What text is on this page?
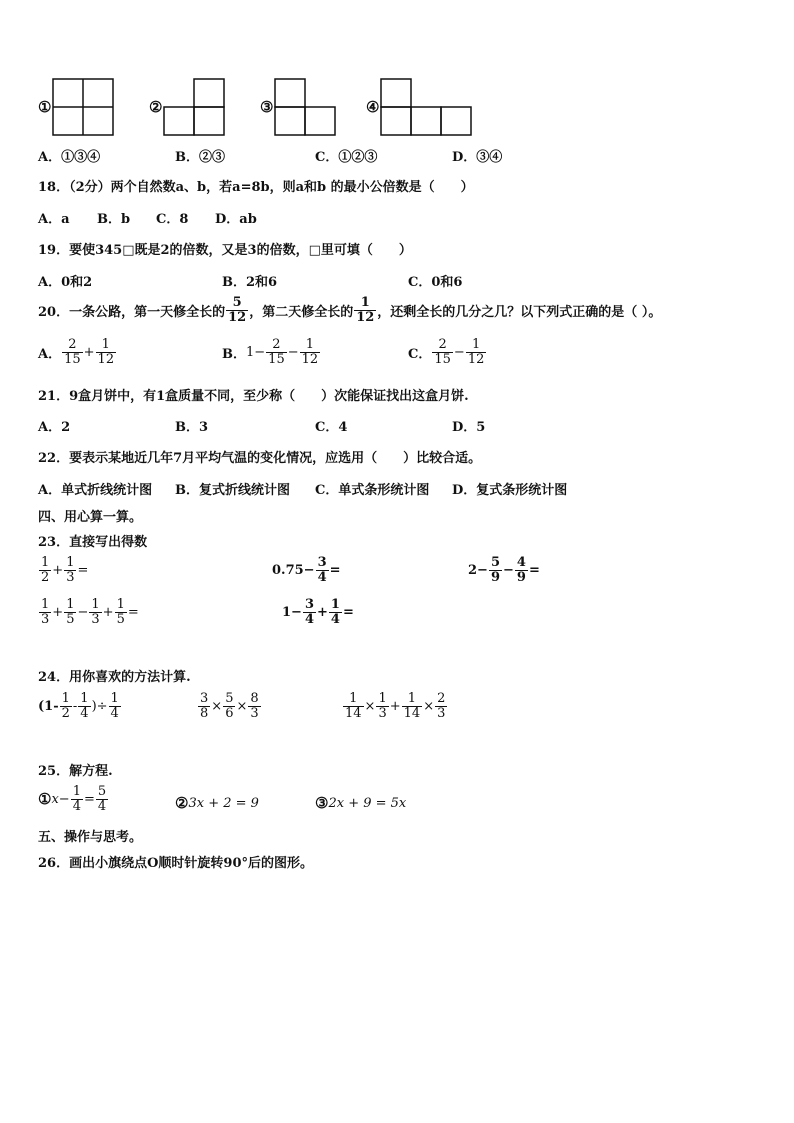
①	②	③	④
A．①③④	B．②③	C．①②③	D．③④
18．（2分）两个自然数a、b，若a=8b，则a和b 的最小公倍数是（　　）
A．a B．b C．8 D．ab
19．要使345□既是2的倍数，又是3的倍数，□里可填（　　）
A．0和2	B．2和6	C．0和6
20．一条公路，第一天修全长的 $\frac{5}{12}$ ，第二天修全长的 $\frac{1}{12}$ ，还剩全长的几分之几？以下列式正确的是（ ）。
A． $\frac{2}{15} + \frac{1}{12}$	B． $1- \frac{2}{15} - \frac{1}{12}$	C． $\frac{2}{15} - \frac{1}{12}$
21．9盒月饼中，有1盒质量不同，至少称（　　）次能保证找出这盒月饼.
A．2	B．3	C．4	D．5
22．要表示某地近几年7月平均气温的变化情况，应选用（　　）比较合适。
A．单式折线统计图 B．复式折线统计图 C．单式条形统计图 D．复式条形统计图
四、用心算一算。
23．直接写出得数
$\frac{1}{2} + \frac{1}{3}$ =	$0.75- \frac{3}{4}$ =	$2- \frac{5}{9} - \frac{4}{9}$ =
$\frac{1}{3} + \frac{1}{5} - \frac{1}{3} + \frac{1}{5}$ =	$1- \frac{3}{4} + \frac{1}{4}$ =
24．用你喜欢的方法计算.
($1- \frac{1}{2} - \frac{1}{4}$ )÷ $\frac{1}{4}$	$\frac{3}{8} \times \frac{5}{6} \times \frac{8}{3}$	$\frac{1}{14} \times \frac{1}{3} + \frac{1}{14} \times \frac{2}{3}$
25．解方程.
① $x- \frac{1}{4} = \frac{5}{4}$	② 3x + 2 = 9	③ 2x + 9 = 5x
五、操作与思考。
26．画出小旗绕点O顺时针旋转90°后的图形。
